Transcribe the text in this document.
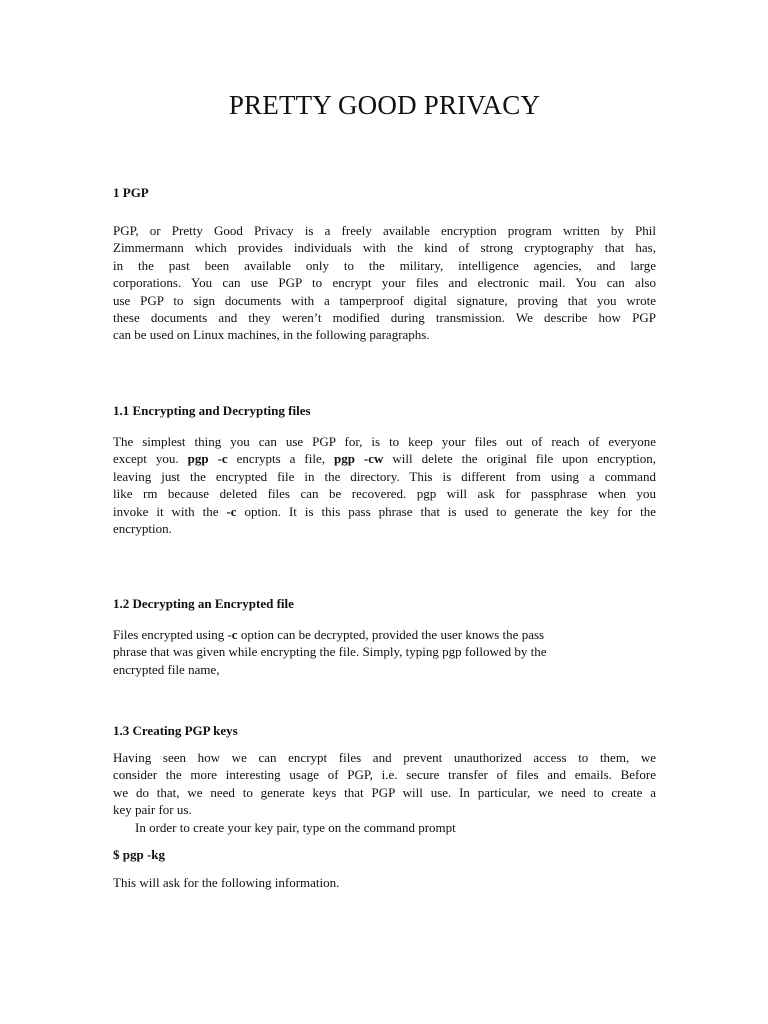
PRETTY GOOD PRIVACY
1 PGP
PGP, or Pretty Good Privacy is a freely available encryption program written by Phil
Zimmermann which provides individuals with the kind of strong cryptography that has,
in the past been available only to the military, intelligence agencies, and large
corporations. You can use PGP to encrypt your files and electronic mail. You can also
use PGP to sign documents with a tamperproof digital signature, proving that you wrote
these documents and they weren’t modified during transmission. We describe how PGP
can be used on Linux machines, in the following paragraphs.
1.1 Encrypting and Decrypting files
The simplest thing you can use PGP for, is to keep your files out of reach of everyone
except you. pgp -c encrypts a file, pgp -cw will delete the original file upon encryption,
leaving just the encrypted file in the directory. This is different from using a command
like rm because deleted files can be recovered. pgp will ask for passphrase when you
invoke it with the -c option. It is this pass phrase that is used to generate the key for the
encryption.
1.2 Decrypting an Encrypted file
Files encrypted using -c option can be decrypted, provided the user knows the pass
phrase that was given while encrypting the file. Simply, typing pgp followed by the
encrypted file name,
1.3 Creating PGP keys
Having seen how we can encrypt files and prevent unauthorized access to them, we
consider the more interesting usage of PGP, i.e. secure transfer of files and emails. Before
we do that, we need to generate keys that PGP will use. In particular, we need to create a
key pair for us.
In order to create your key pair, type on the command prompt
$ pgp -kg
This will ask for the following information.
